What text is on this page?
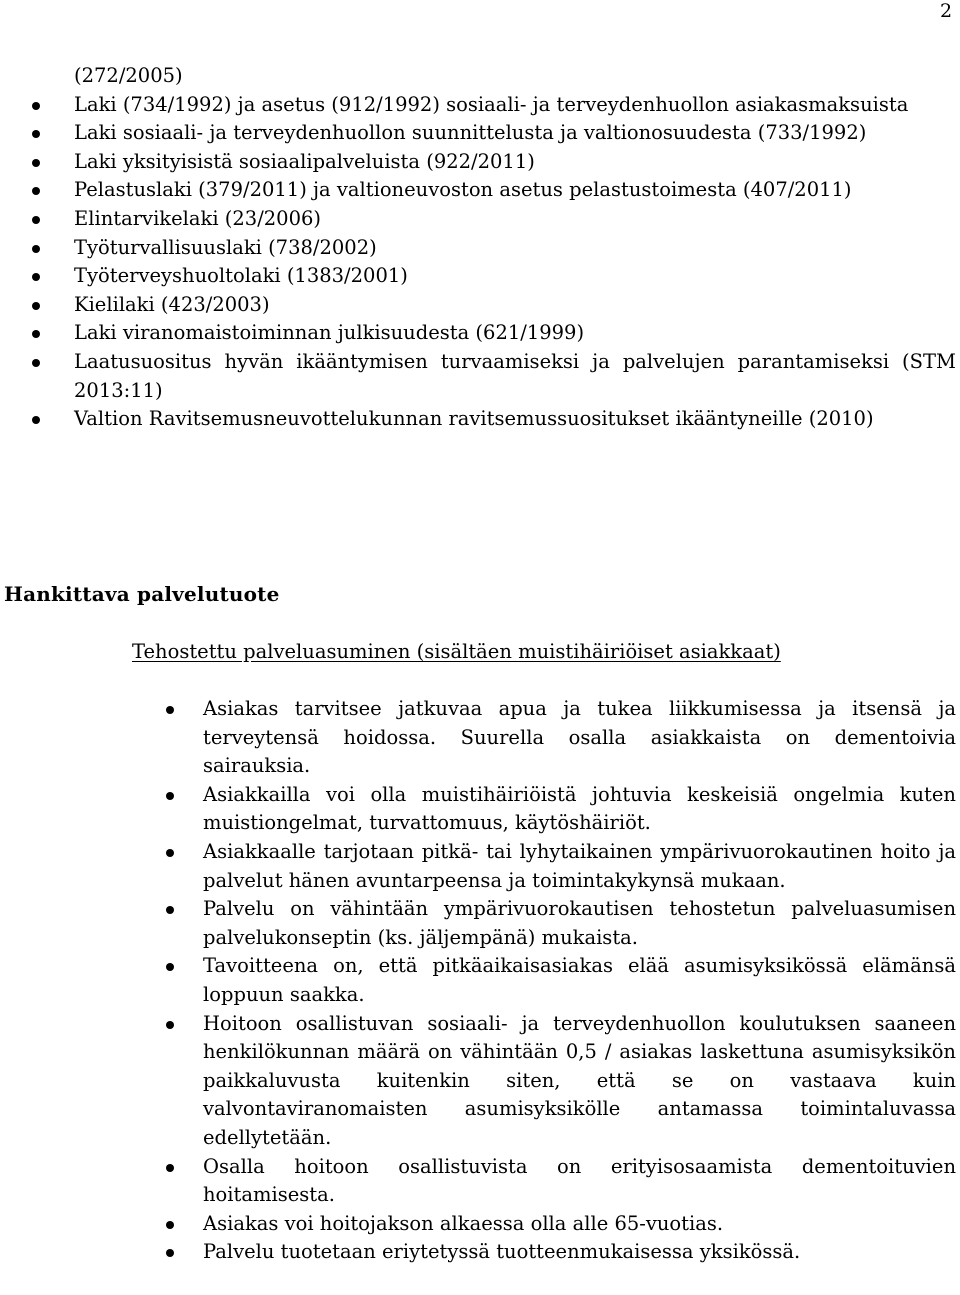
2
(272/2005)
Laki (734/1992) ja asetus (912/1992) sosiaali- ja terveydenhuollon asiakasmaksuista
Laki sosiaali- ja terveydenhuollon suunnittelusta ja valtionosuudesta (733/1992)
Laki yksityisistä sosiaalipalveluista (922/2011)
Pelastuslaki (379/2011) ja valtioneuvoston asetus pelastustoimesta (407/2011)
Elintarvikelaki (23/2006)
Työturvallisuuslaki (738/2002)
Työterveyshuoltolaki (1383/2001)
Kielilaki (423/2003)
Laki viranomaistoiminnan julkisuudesta (621/1999)
Laatusuositus hyvän ikääntymisen turvaamiseksi ja palvelujen parantamiseksi (STM 2013:11)
Valtion Ravitsemusneuvottelukunnan ravitsemussuositukset ikääntyneille (2010)
Hankittava palvelutuote
Tehostettu palveluasuminen (sisältäen muistihäiriöiset asiakkaat)
Asiakas tarvitsee jatkuvaa apua ja tukea liikkumisessa ja itsensä ja terveytensä hoidossa. Suurella osalla asiakkaista on dementoivia sairauksia.
Asiakkailla voi olla muistihäiriöistä johtuvia keskeisiä ongelmia kuten muistiongelmat, turvattomuus, käytöshäiriöt.
Asiakkaalle tarjotaan pitkä- tai lyhytaikainen ympärivuorokautinen hoito ja palvelut hänen avuntarpeensa ja toimintakykynsä mukaan.
Palvelu on vähintään ympärivuorokautisen tehostetun palveluasumisen palvelukonseptin (ks. jäljempänä) mukaista.
Tavoitteena on, että pitkäaikaisasiakas elää asumisyksikössä elämänsä loppuun saakka.
Hoitoon osallistuvan sosiaali- ja terveydenhuollon koulutuksen saaneen henkilökunnan määrä on vähintään 0,5 / asiakas laskettuna asumisyksikön paikkaluvusta kuitenkin siten, että se on vastaava kuin valvontaviranomaisten asumisyksikölle antamassa toimintaluvassa edellytetään.
Osalla hoitoon osallistuvista on erityisosaamista dementoituvien hoitamisesta.
Asiakas voi hoitojakson alkaessa olla alle 65-vuotias.
Palvelu tuotetaan eriytetyssä tuotteenmukaisessa yksikössä.
